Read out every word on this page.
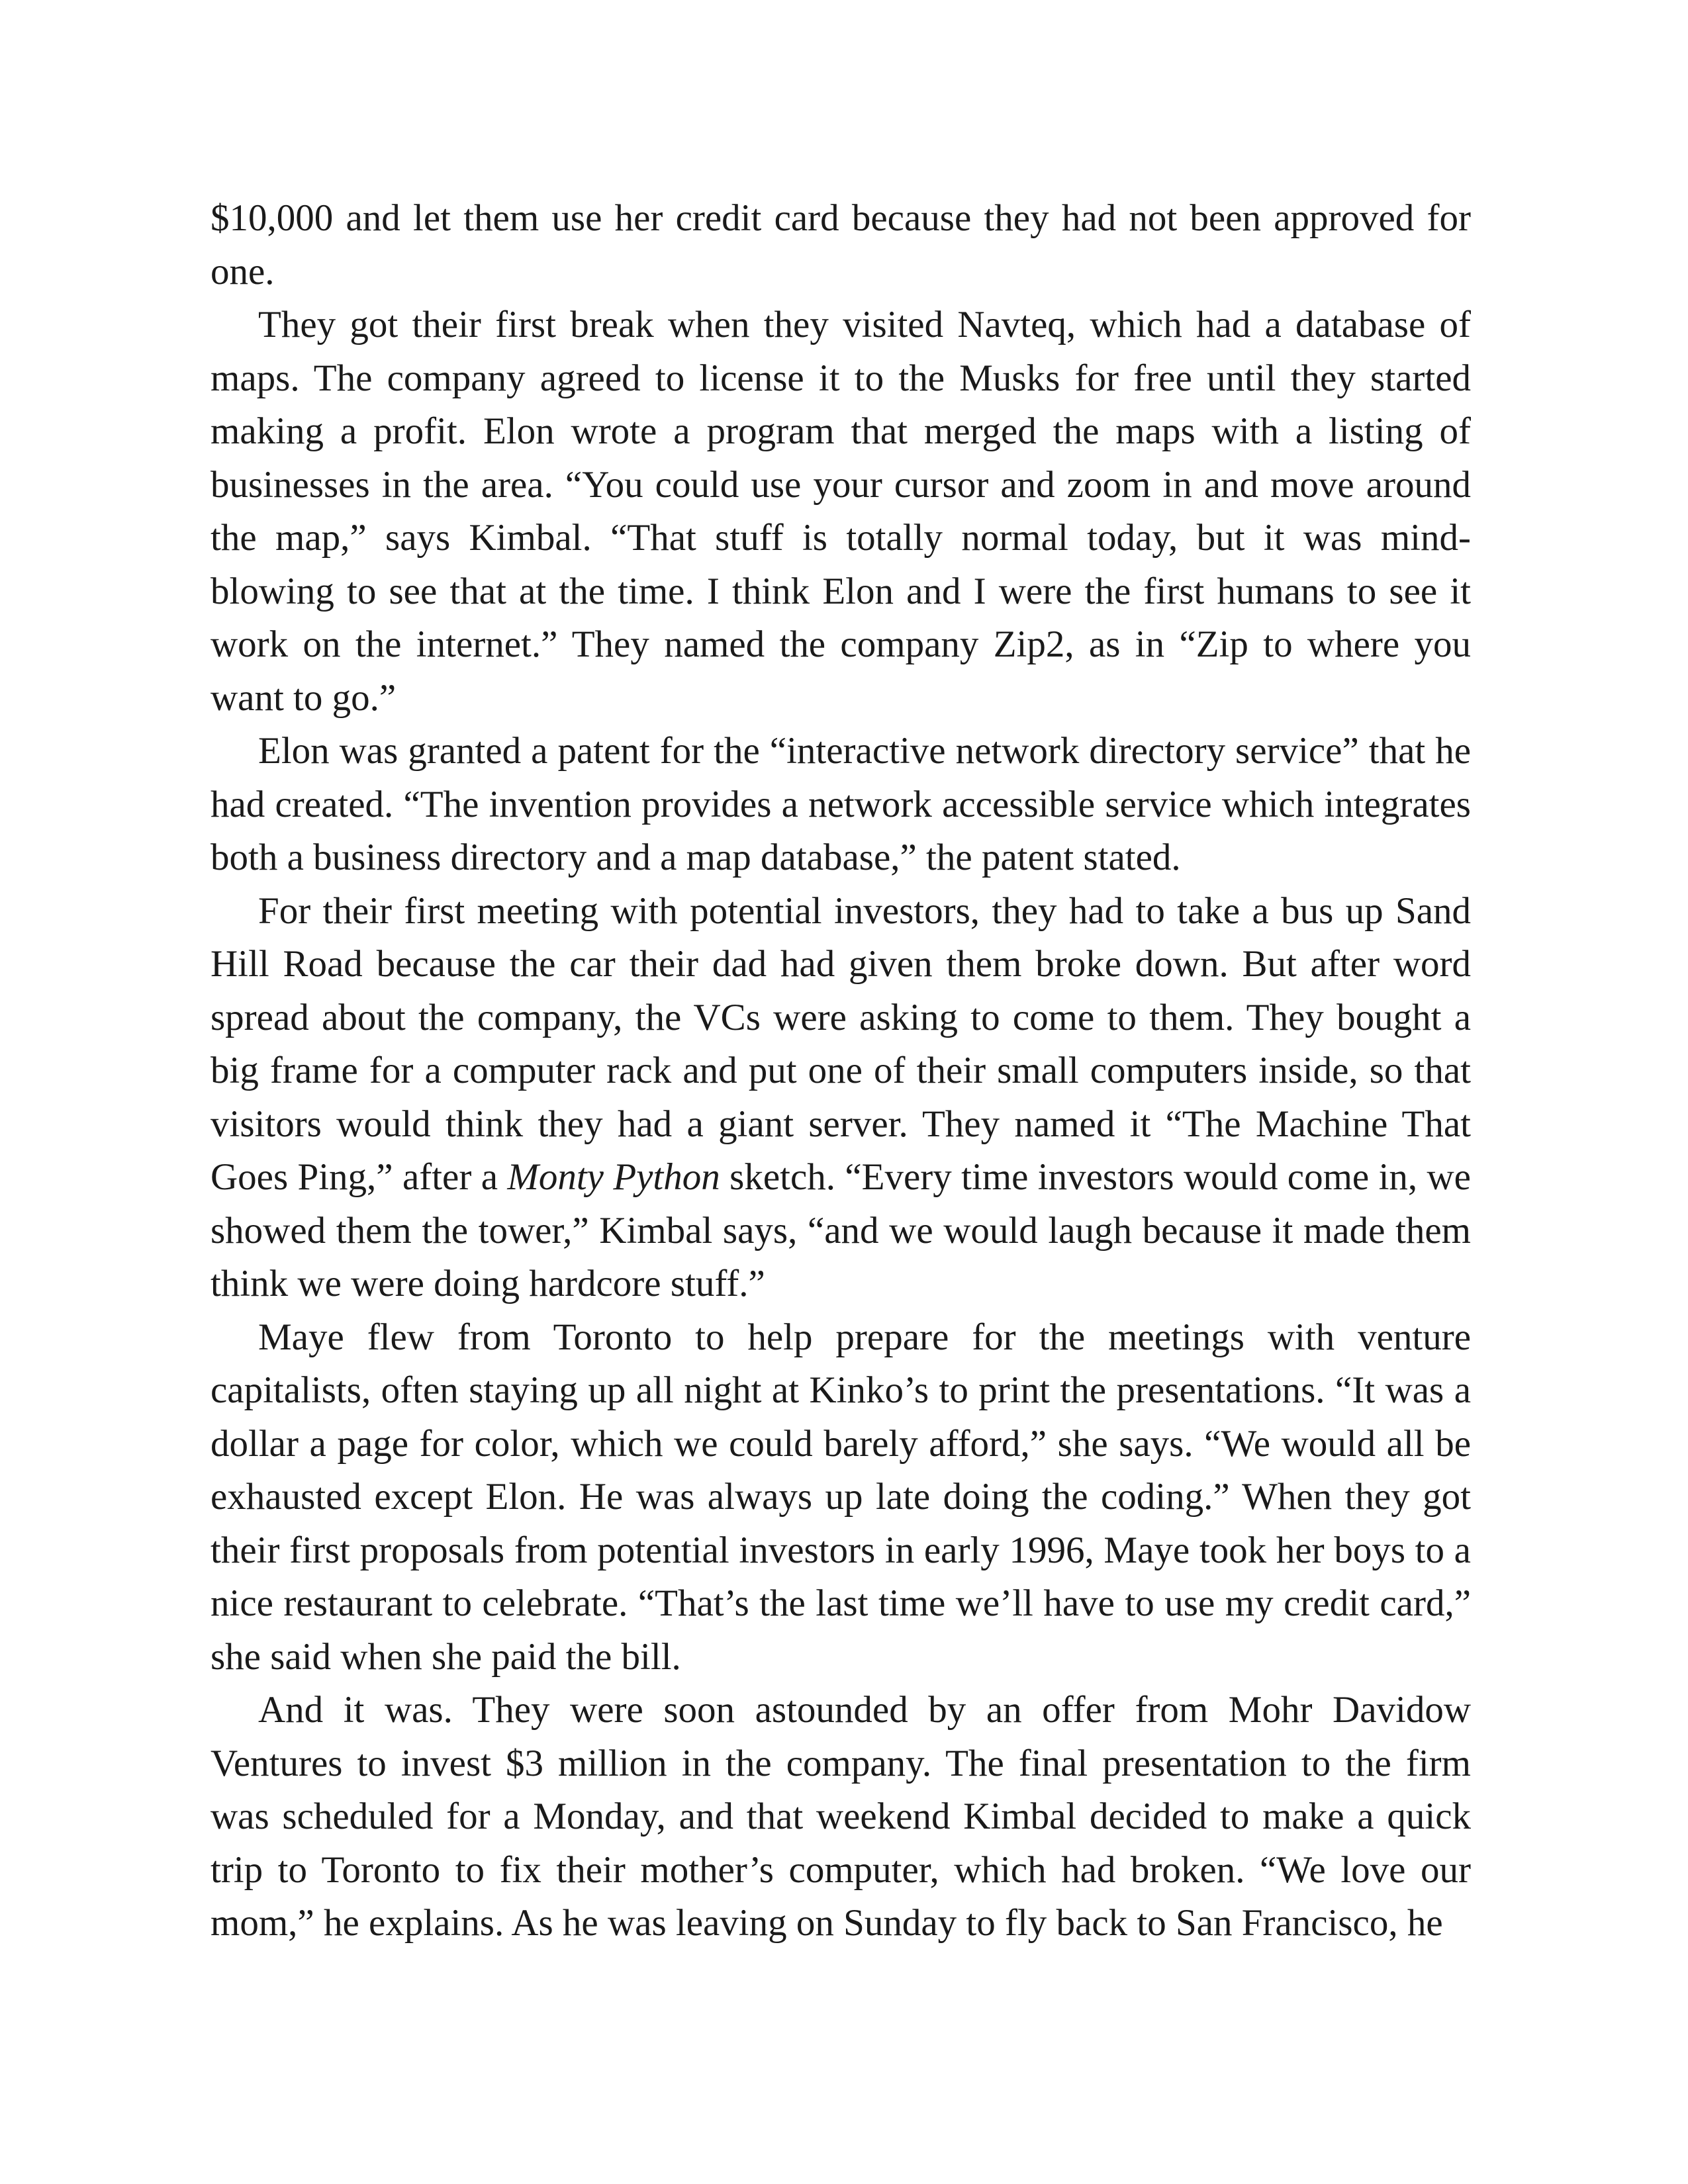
$10,000 and let them use her credit card because they had not been approved for one.

They got their first break when they visited Navteq, which had a database of maps. The company agreed to license it to the Musks for free until they started making a profit. Elon wrote a program that merged the maps with a listing of businesses in the area. “You could use your cursor and zoom in and move around the map,” says Kimbal. “That stuff is totally normal today, but it was mind-blowing to see that at the time. I think Elon and I were the first humans to see it work on the internet.” They named the company Zip2, as in “Zip to where you want to go.”

Elon was granted a patent for the “interactive network directory service” that he had created. “The invention provides a network accessible service which integrates both a business directory and a map database,” the patent stated.

For their first meeting with potential investors, they had to take a bus up Sand Hill Road because the car their dad had given them broke down. But after word spread about the company, the VCs were asking to come to them. They bought a big frame for a computer rack and put one of their small computers inside, so that visitors would think they had a giant server. They named it “The Machine That Goes Ping,” after a Monty Python sketch. “Every time investors would come in, we showed them the tower,” Kimbal says, “and we would laugh because it made them think we were doing hardcore stuff.”

Maye flew from Toronto to help prepare for the meetings with venture capitalists, often staying up all night at Kinko’s to print the presentations. “It was a dollar a page for color, which we could barely afford,” she says. “We would all be exhausted except Elon. He was always up late doing the coding.” When they got their first proposals from potential investors in early 1996, Maye took her boys to a nice restaurant to celebrate. “That’s the last time we’ll have to use my credit card,” she said when she paid the bill.

And it was. They were soon astounded by an offer from Mohr Davidow Ventures to invest $3 million in the company. The final presentation to the firm was scheduled for a Monday, and that weekend Kimbal decided to make a quick trip to Toronto to fix their mother’s computer, which had broken. “We love our mom,” he explains. As he was leaving on Sunday to fly back to San Francisco, he
